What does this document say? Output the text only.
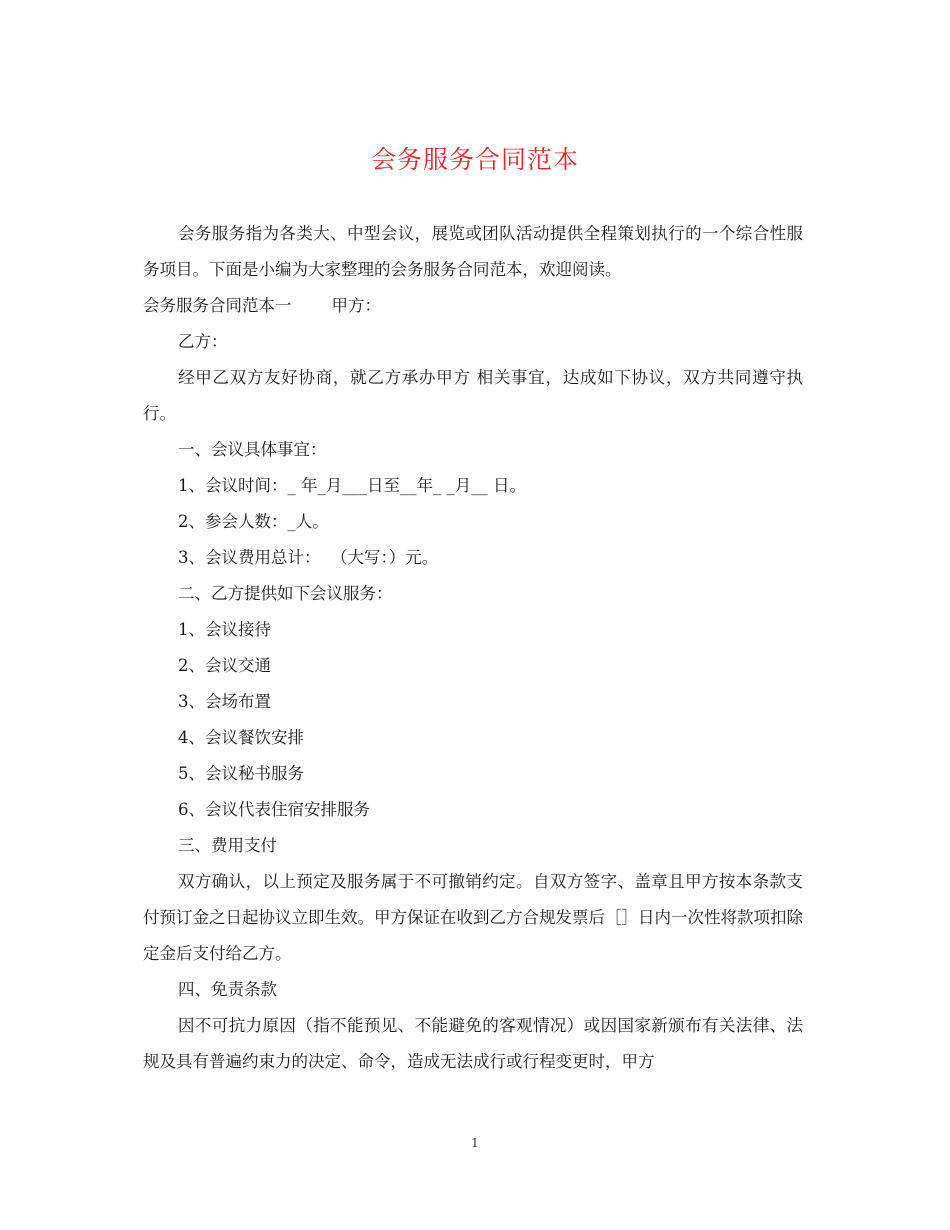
会务服务合同范本

会务服务指为各类大、中型会议，展览或团队活动提供全程策划执行的一个综合性服务项目。下面是小编为大家整理的会务服务合同范本，欢迎阅读。

会务服务合同范本一 甲方：

乙方：

经甲乙双方友好协商，就乙方承办甲方 相关事宜，达成如下协议，双方共同遵守执行。

一、会议具体事宜：

1、会议时间：_ 年_月___日至__年_ _月__ 日。

2、参会人数：_人。

3、会议费用总计：  （大写：）元。

二、乙方提供如下会议服务：

1、会议接待

2、会议交通

3、会场布置

4、会议餐饮安排

5、会议秘书服务

6、会议代表住宿安排服务

三、费用支付

双方确认，以上预定及服务属于不可撤销约定。自双方签字、盖章且甲方按本条款支付预订金之日起协议立即生效。甲方保证在收到乙方合规发票后［］日内一次性将款项扣除定金后支付给乙方。

四、免责条款

因不可抗力原因（指不能预见、不能避免的客观情况）或因国家新颁布有关法律、法规及具有普遍约束力的决定、命令，造成无法成行或行程变更时，甲方

1
